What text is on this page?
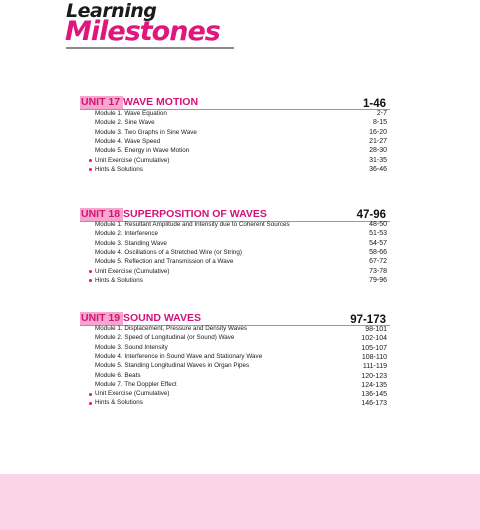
Learning
Milestones
UNIT 17 WAVE MOTION	1-46
Module 1. Wave Equation	2-7
Module 2. Sine Wave	8-15
Module 3. Two Graphs in Sine Wave	16-20
Module 4. Wave Speed	21-27
Module 5. Energy in Wave Motion	28-30
Unit Exercise (Cumulative)	31-35
Hints & Solutions	36-46
UNIT 18 SUPERPOSITION OF WAVES	47-96
Module 1. Resultant Amplitude and Intensity due to Coherent Sources	48-50
Module 2. Interference	51-53
Module 3. Standing Wave	54-57
Module 4. Oscillations of a Stretched Wire (or String)	58-66
Module 5. Reflection and Transmission of a Wave	67-72
Unit Exercise (Cumulative)	73-78
Hints & Solutions	79-96
UNIT 19 SOUND WAVES	97-173
Module 1. Displacement, Pressure and Density Waves	98-101
Module 2. Speed of Longitudinal (or Sound) Wave	102-104
Module 3. Sound Intensity	105-107
Module 4. Interference in Sound Wave and Stationary Wave	108-110
Module 5. Standing Longitudinal Waves in Organ Pipes	111-119
Module 6. Beats	120-123
Module 7. The Doppler Effect	124-135
Unit Exercise (Cumulative)	136-145
Hints & Solutions	146-173
